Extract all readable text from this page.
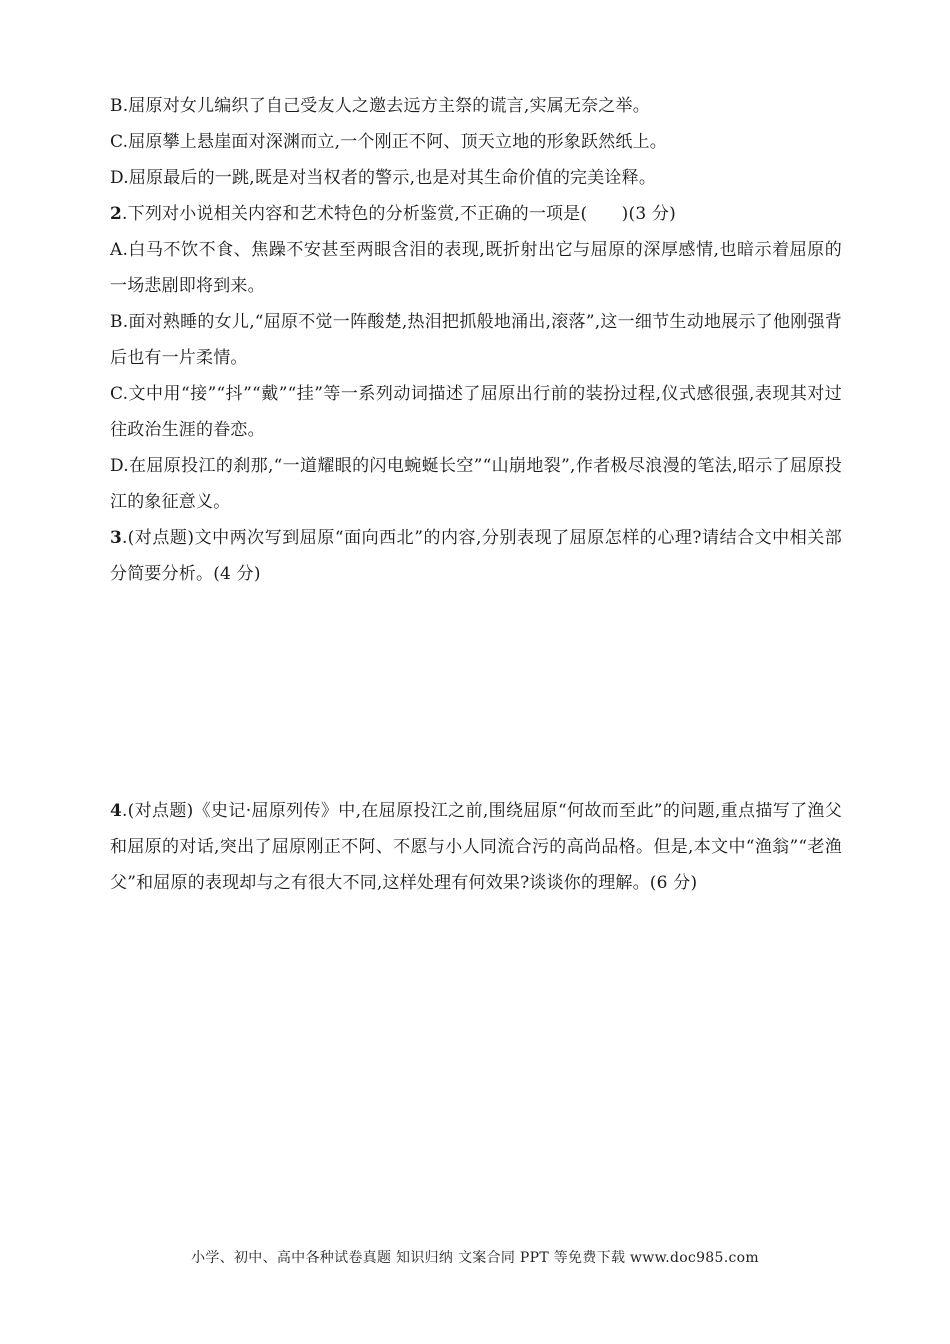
B.屈原对女儿编织了自己受友人之邀去远方主祭的谎言,实属无奈之举。

C.屈原攀上悬崖面对深渊而立,一个刚正不阿、顶天立地的形象跃然纸上。

D.屈原最后的一跳,既是对当权者的警示,也是对其生命价值的完美诠释。

2.下列对小说相关内容和艺术特色的分析鉴赏,不正确的一项是(　　)(3 分)

A.白马不饮不食、焦躁不安甚至两眼含泪的表现,既折射出它与屈原的深厚感情,也暗示着屈原的一场悲剧即将到来。

B.面对熟睡的女儿,“屈原不觉一阵酸楚,热泪把抓般地涌出,滚落”,这一细节生动地展示了他刚强背后也有一片柔情。

C.文中用“接”“抖”“戴”“挂”等一系列动词描述了屈原出行前的装扮过程,仪式感很强,表现其对过往政治生涯的眷恋。

D.在屈原投江的刹那,“一道耀眼的闪电蜿蜒长空”“山崩地裂”,作者极尽浪漫的笔法,昭示了屈原投江的象征意义。

3.(对点题)文中两次写到屈原“面向西北”的内容,分别表现了屈原怎样的心理?请结合文中相关部分简要分析。(4 分)

4.(对点题)《史记·屈原列传》中,在屈原投江之前,围绕屈原“何故而至此”的问题,重点描写了渔父和屈原的对话,突出了屈原刚正不阿、不愿与小人同流合污的高尚品格。但是,本文中“渔翁”“老渔父”和屈原的表现却与之有很大不同,这样处理有何效果?谈谈你的理解。(6 分)

小学、初中、高中各种试卷真题 知识归纳 文案合同 PPT 等免费下载 www.doc985.com
